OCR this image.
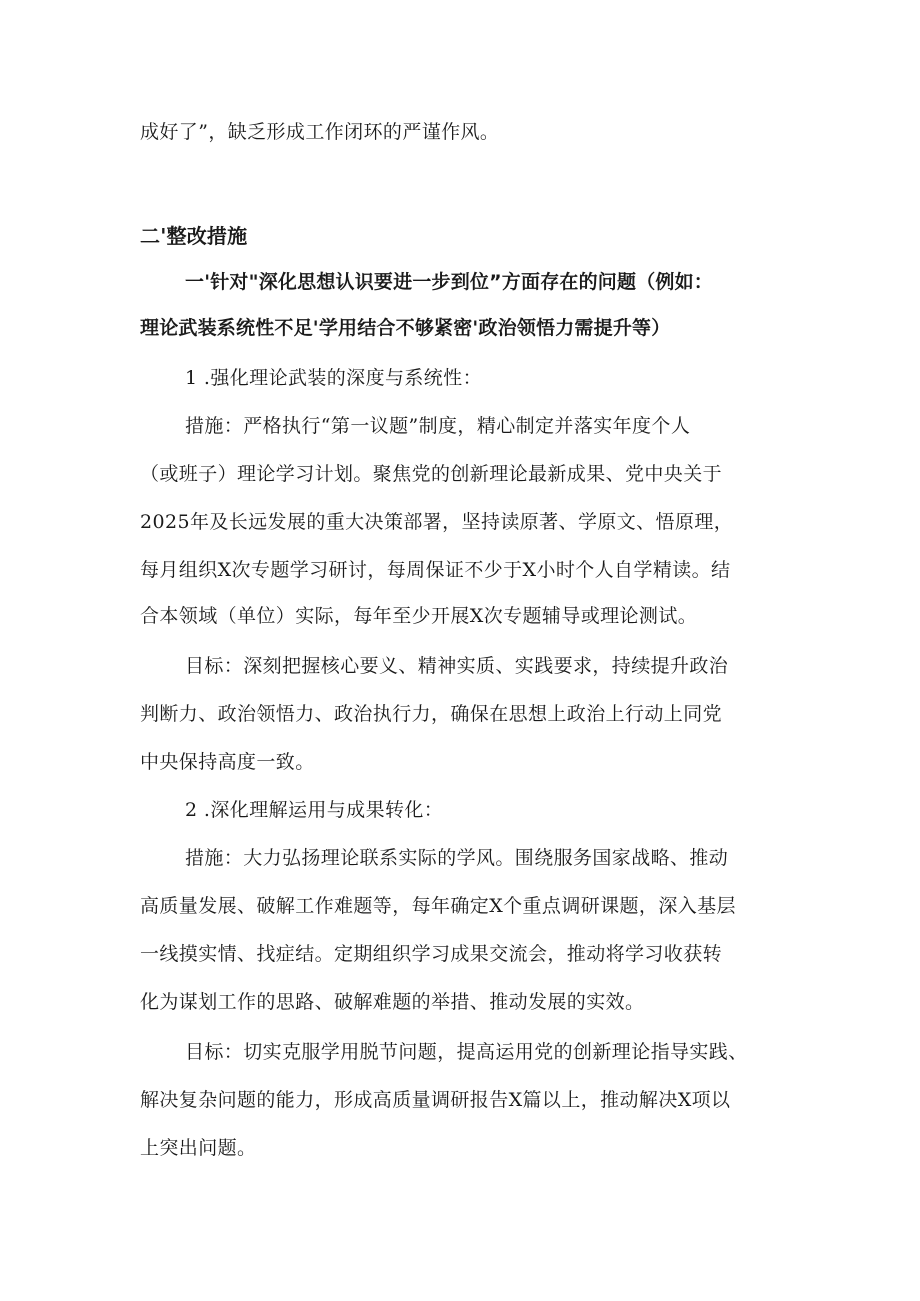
成好了”，缺乏形成工作闭环的严谨作风。

二'整改措施

一'针对"深化思想认识要进一步到位”方面存在的问题（例如：

理论武装系统性不足'学用结合不够紧密'政治领悟力需提升等）

1 .强化理论武装的深度与系统性：

措施：严格执行“第一议题”制度，精心制定并落实年度个人

（或班子）理论学习计划。聚焦党的创新理论最新成果、党中央关于

2025年及长远发展的重大决策部署，坚持读原著、学原文、悟原理，

每月组织X次专题学习研讨，每周保证不少于X小时个人自学精读。结

合本领域（单位）实际，每年至少开展X次专题辅导或理论测试。

目标：深刻把握核心要义、精神实质、实践要求，持续提升政治

判断力、政治领悟力、政治执行力，确保在思想上政治上行动上同党

中央保持高度一致。

2 .深化理解运用与成果转化：

措施：大力弘扬理论联系实际的学风。围绕服务国家战略、推动

高质量发展、破解工作难题等，每年确定X个重点调研课题，深入基层

一线摸实情、找症结。定期组织学习成果交流会，推动将学习收获转

化为谋划工作的思路、破解难题的举措、推动发展的实效。

目标：切实克服学用脱节问题，提高运用党的创新理论指导实践、

解决复杂问题的能力，形成高质量调研报告X篇以上，推动解决X项以

上突出问题。
